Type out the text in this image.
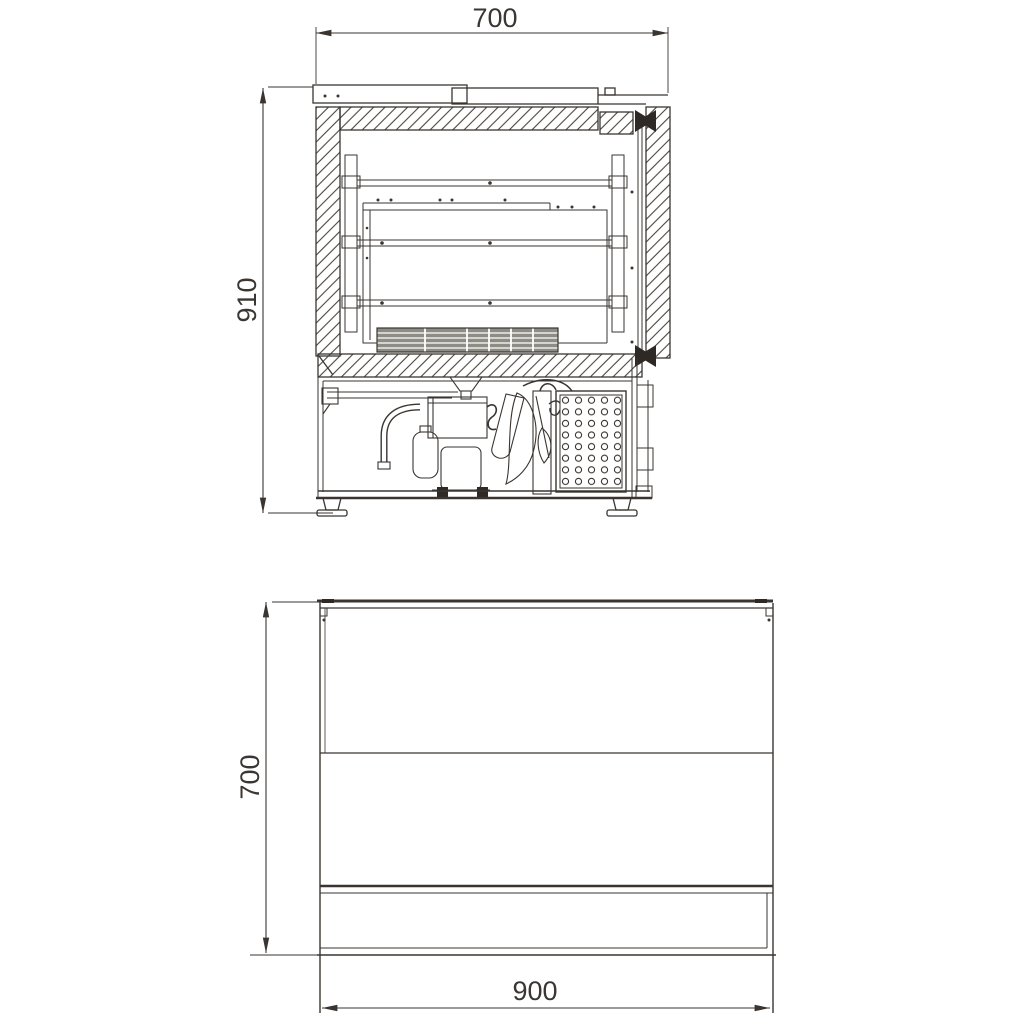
700
910
700
900
